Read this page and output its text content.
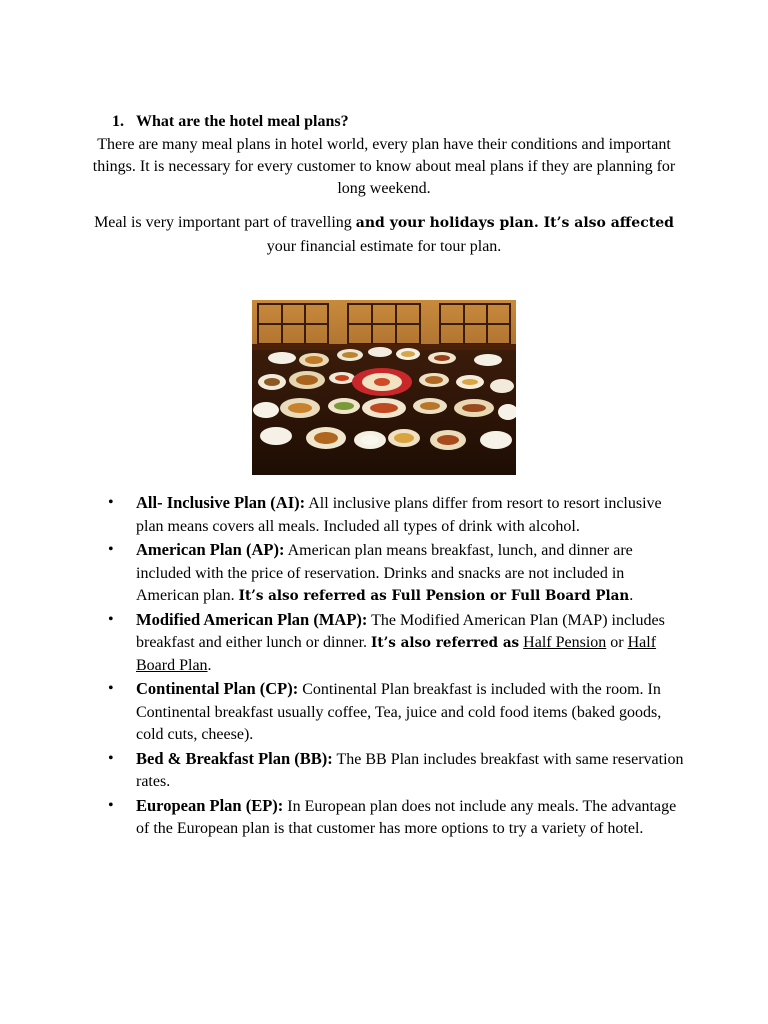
1. What are the hotel meal plans?

There are many meal plans in hotel world, every plan have their conditions and important things. It is necessary for every customer to know about meal plans if they are planning for long weekend.

Meal is very important part of travelling and your holidays plan. It’s also affected your financial estimate for tour plan.

•	All- Inclusive Plan (AI): All inclusive plans differ from resort to resort inclusive plan means covers all meals. Included all types of drink with alcohol.
•	American Plan (AP): American plan means breakfast, lunch, and dinner are included with the price of reservation. Drinks and snacks are not included in American plan. It’s also referred as Full Pension or Full Board Plan.
•	Modified American Plan (MAP): The Modified American Plan (MAP) includes breakfast and either lunch or dinner. It’s also referred as Half Pension or Half Board Plan.
•	Continental Plan (CP): Continental Plan breakfast is included with the room. In Continental breakfast usually coffee, Tea, juice and cold food items (baked goods, cold cuts, cheese).
•	Bed & Breakfast Plan (BB): The BB Plan includes breakfast with same reservation rates.
•	European Plan (EP): In European plan does not include any meals. The advantage of the European plan is that customer has more options to try a variety of hotel.
